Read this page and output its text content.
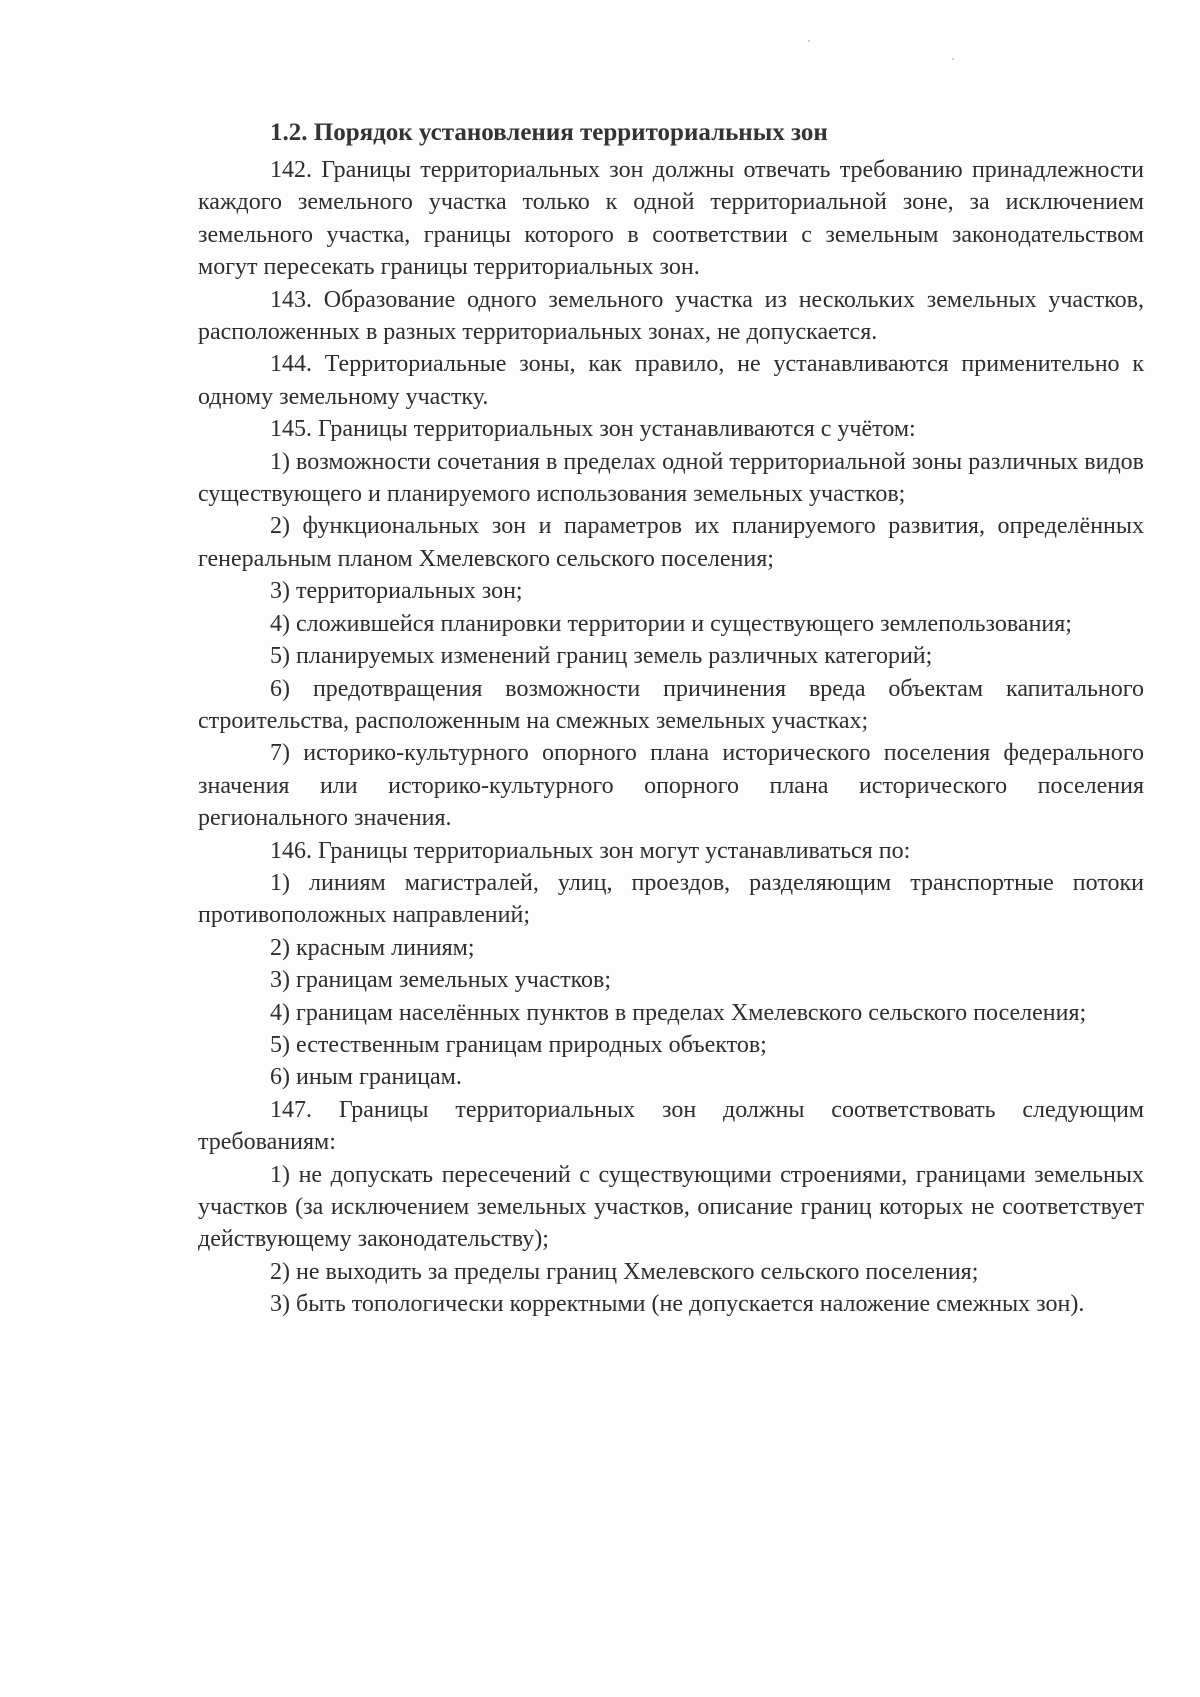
1.2. Порядок установления территориальных зон

142. Границы территориальных зон должны отвечать требованию принадлежности каждого земельного участка только к одной территориальной зоне, за исключением земельного участка, границы которого в соответствии с земельным законодательством могут пересекать границы территориальных зон.

143. Образование одного земельного участка из нескольких земельных участков, расположенных в разных территориальных зонах, не допускается.

144. Территориальные зоны, как правило, не устанавливаются применительно к одному земельному участку.

145. Границы территориальных зон устанавливаются с учётом:

1) возможности сочетания в пределах одной территориальной зоны различных видов существующего и планируемого использования земельных участков;

2) функциональных зон и параметров их планируемого развития, определённых генеральным планом Хмелевского сельского поселения;

3) территориальных зон;

4) сложившейся планировки территории и существующего землепользования;

5) планируемых изменений границ земель различных категорий;

6) предотвращения возможности причинения вреда объектам капитального строительства, расположенным на смежных земельных участках;

7) историко-культурного опорного плана исторического поселения федерального значения или историко-культурного опорного плана исторического поселения регионального значения.

146. Границы территориальных зон могут устанавливаться по:

1) линиям магистралей, улиц, проездов, разделяющим транспортные потоки противоположных направлений;

2) красным линиям;

3) границам земельных участков;

4) границам населённых пунктов в пределах Хмелевского сельского поселения;

5) естественным границам природных объектов;

6) иным границам.

147. Границы территориальных зон должны соответствовать следующим требованиям:

1) не допускать пересечений с существующими строениями, границами земельных участков (за исключением земельных участков, описание границ которых не соответствует действующему законодательству);

2) не выходить за пределы границ Хмелевского сельского поселения;

3) быть топологически корректными (не допускается наложение смежных зон).
